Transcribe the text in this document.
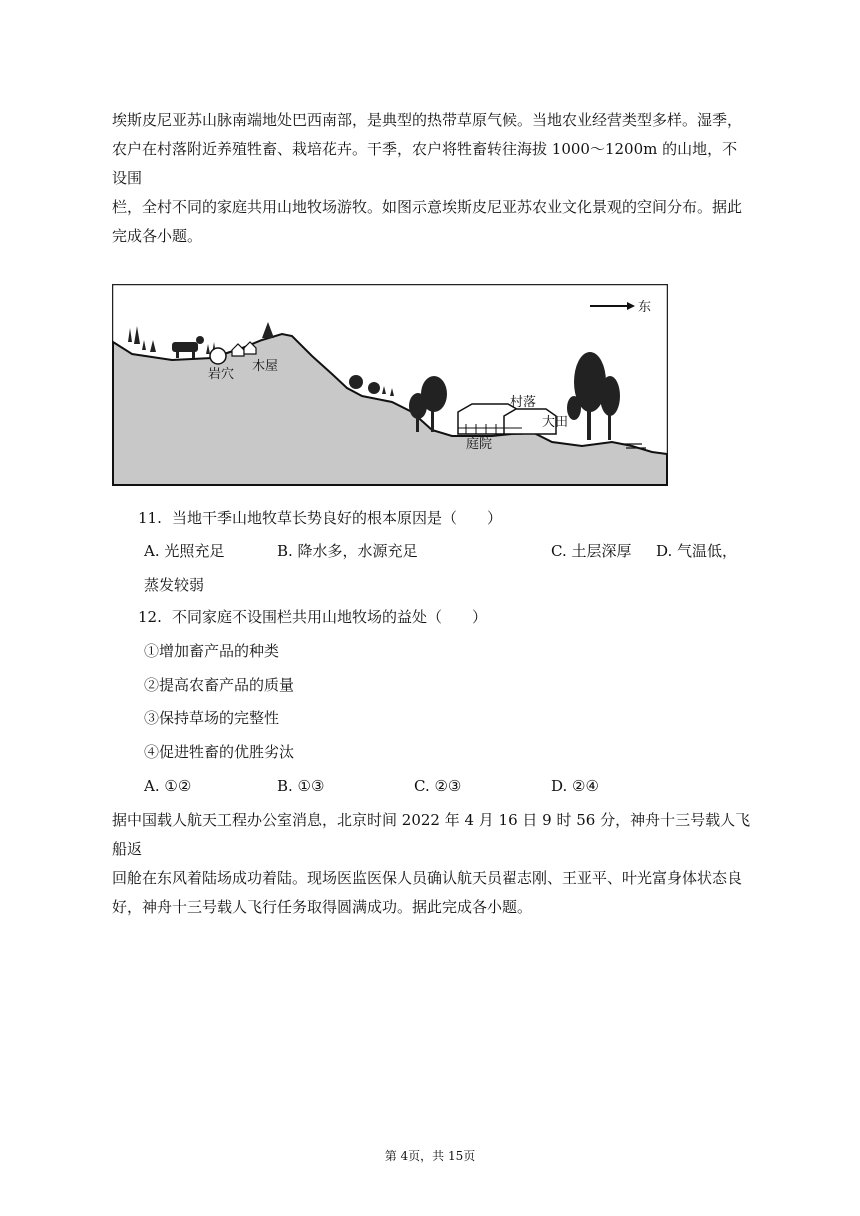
埃斯皮尼亚苏山脉南端地处巴西南部，是典型的热带草原气候。当地农业经营类型多样。湿季，

农户在村落附近养殖牲畜、栽培花卉。干季，农户将牲畜转往海拔 1000～1200m 的山地，不设围

栏，全村不同的家庭共用山地牧场游牧。如图示意埃斯皮尼亚苏农业文化景观的空间分布。据此

完成各小题。

东
岩穴
木屋
村落
大田
庭院
11. 当地干季山地牧草长势良好的根本原因是（　　）
A. 光照充足	B. 降水多，水源充足	C. 土层深厚 D. 气温低，
蒸发较弱
12. 不同家庭不设围栏共用山地牧场的益处（　　）
①增加畜产品的种类
②提高农畜产品的质量
③保持草场的完整性
④促进牲畜的优胜劣汰
A. ①②	B. ①③	C. ②③	D. ②④

据中国载人航天工程办公室消息，北京时间 2022 年 4 月 16 日 9 时 56 分，神舟十三号载人飞船返

回舱在东风着陆场成功着陆。现场医监医保人员确认航天员翟志刚、王亚平、叶光富身体状态良

好，神舟十三号载人飞行任务取得圆满成功。据此完成各小题。

第 4页，共 15页
